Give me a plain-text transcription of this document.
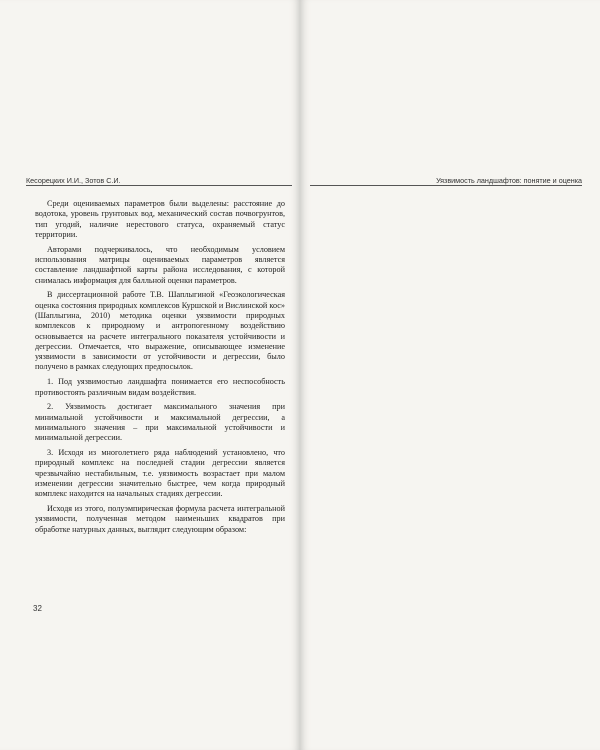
Кесорецких И.И., Зотов С.И.

Среди оцениваемых параметров были выделены: расстояние до водотока, уровень грунтовых вод, механический состав почвогрунтов, тип угодий, наличие нерестового статуса, охраняемый статус территории.

Авторами подчеркивалось, что необходимым условием использования матрицы оцениваемых параметров является составление ландшафтной карты района исследования, с которой снималась информация для балльной оценки параметров.

В диссертационной работе Т.В. Шаплыгиной «Геоэкологическая оценка состояния природных комплексов Куршской и Вислинской кос» (Шаплыгина, 2010) методика оценки уязвимости природных комплексов к природному и антропогенному воздействию основывается на расчете интегрального показателя устойчивости и дегрессии. Отмечается, что выражение, описывающее изменение уязвимости в зависимости от устойчивости и дегрессии, было получено в рамках следующих предпосылок.

1. Под уязвимостью ландшафта понимается его неспособность противостоять различным видам воздействия.

2. Уязвимость достигает максимального значения при минимальной устойчивости и максимальной дегрессии, а минимального значения – при максимальной устойчивости и минимальной дегрессии.

3. Исходя из многолетнего ряда наблюдений установлено, что природный комплекс на последней стадии дегрессии является чрезвычайно нестабильным, т.е. уязвимость возрастает при малом изменении дегрессии значительно быстрее, чем когда природный комплекс находится на начальных стадиях дегрессии.

Исходя из этого, полуэмпирическая формула расчета интегральной уязвимости, полученная методом наименьших квадратов при обработке натурных данных, выглядит следующим образом:

32
Уязвимость ландшафтов: понятие и оценка
